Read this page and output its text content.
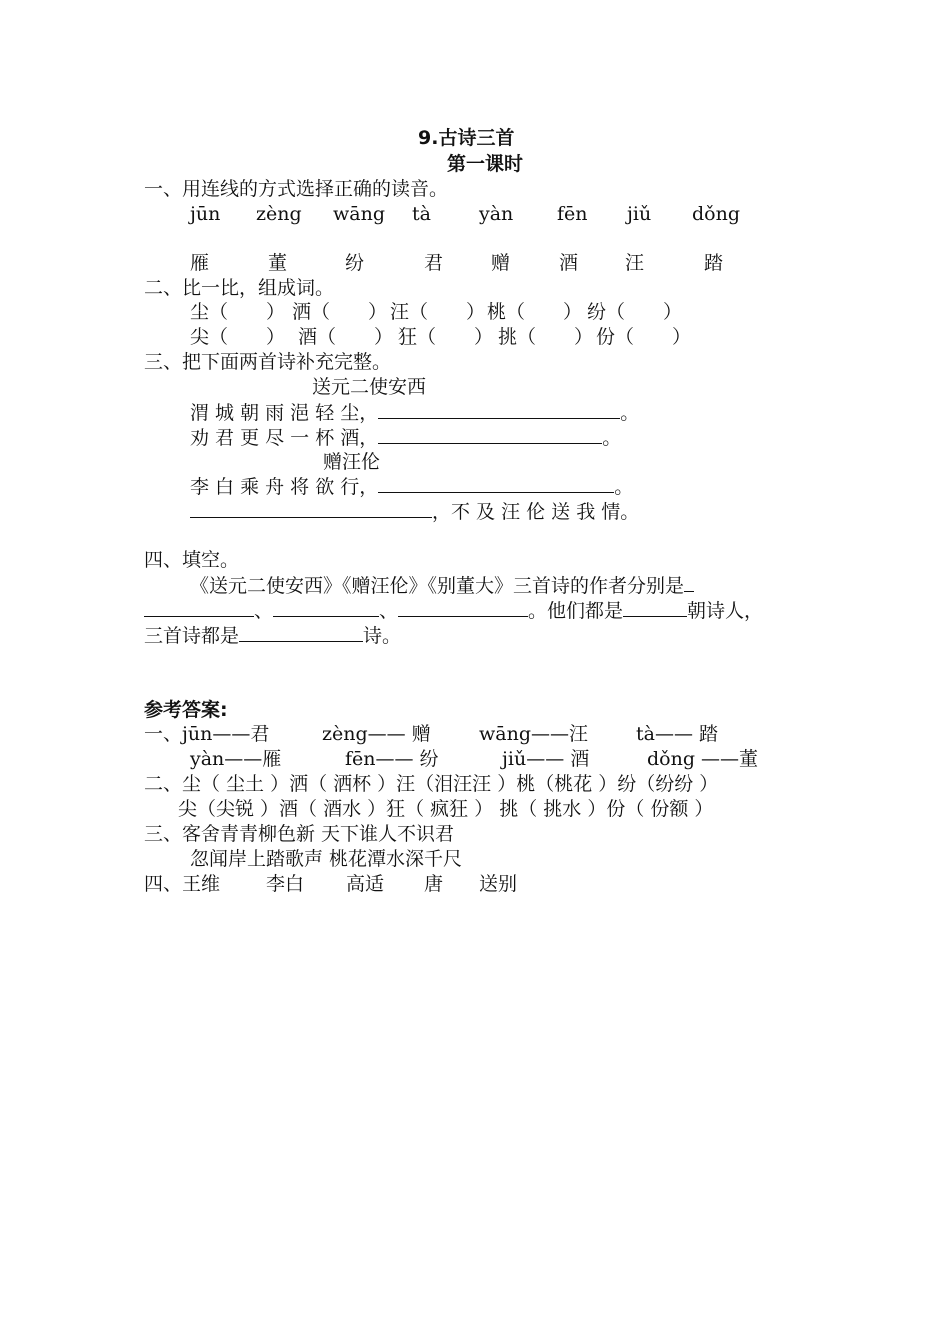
9.古诗三首
第一课时
一、用连线的方式选择正确的读音。
jūn zèng wāng tà	yàn fēn jiǔ dǒng
雁	董	纷	君	赠	酒 汪	踏
二、比一比，组成词。
尘（　　） 洒（　　） 汪（　　） 桃（　　） 纷（　　）
尖（　　） 酒（　　） 狂（　　） 挑（　　） 份（　　）
三、把下面两首诗补充完整。
送元二使安西
渭 城 朝 雨 浥 轻 尘，	。
劝 君 更 尽 一 杯 酒，	。
赠汪伦
李 白 乘 舟 将 欲 行，	。
，不 及 汪 伦 送 我 情。
四、填空。
《送元二使安西》《赠汪伦》《别董大》三首诗的作者分别是
、	、	。他们都是	朝诗人，
三首诗都是	诗。
参考答案:
一、jūn——君	zèng—— 赠	wāng——汪	tà—— 踏
yàn——雁	fēn—— 纷	jiǔ—— 酒	dǒng ——董
二、尘（ 尘土 ）洒（ 洒杯 ）汪（泪汪汪 ）桃（桃花 ）纷（纷纷 ）
尖（尖锐 ）酒（ 酒水 ）狂（ 疯狂 ） 挑（ 挑水 ）份（ 份额 ）
三、客舍青青柳色新 天下谁人不识君
忽闻岸上踏歌声 桃花潭水深千尺
四、王维 李白 高适 唐 送别
